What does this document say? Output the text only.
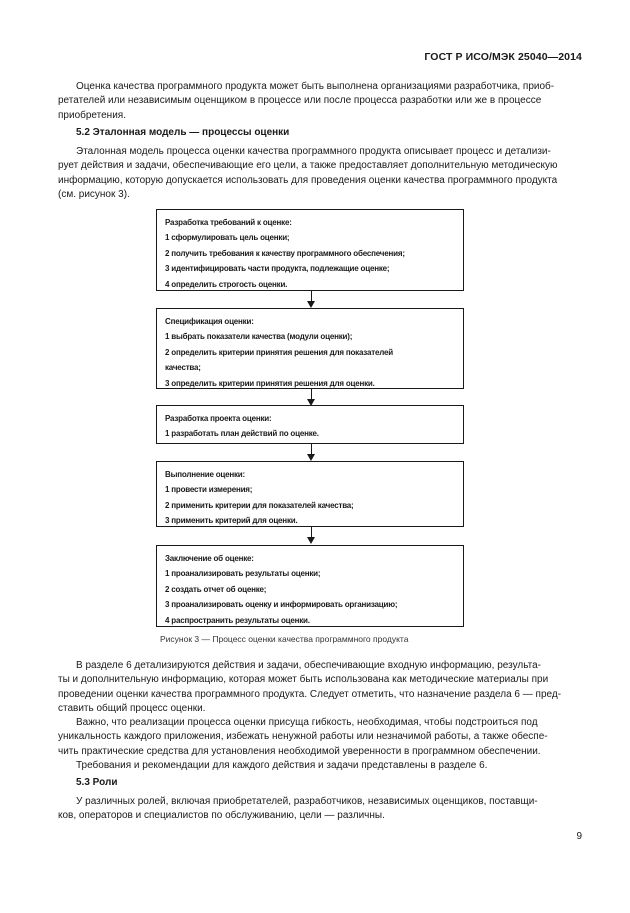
ГОСТ Р ИСО/МЭК 25040—2014

Оценка качества программного продукта может быть выполнена организациями разработчика, приоб-
ретателей или независимым оценщиком в процессе или после процесса разработки или же в процессе
приобретения.

5.2 Эталонная модель — процессы оценки

Эталонная модель процесса оценки качества программного продукта описывает процесс и детализи-
рует действия и задачи, обеспечивающие его цели, а также предоставляет дополнительную методическую
информацию, которую допускается использовать для проведения оценки качества программного продукта
(см. рисунок 3).

Разработка требований к оценке:
1 сформулировать цель оценки;
2 получить требования к качеству программного обеспечения;
3 идентифицировать части продукта, подлежащие оценке;
4 определить строгость оценки.
Спецификация оценки:
1 выбрать показатели качества (модули оценки);
2 определить критерии принятия решения для показателей
качества;
3 определить критерии принятия решения для оценки.
Разработка проекта оценки:
1 разработать план действий по оценке.
Выполнение оценки:
1 провести измерения;
2 применить критерии для показателей качества;
3 применить критерий для оценки.
Заключение об оценке:
1 проанализировать результаты оценки;
2 создать отчет об оценке;
3 проанализировать оценку и информировать организацию;
4 распространить результаты оценки.
Рисунок 3 — Процесс оценки качества программного продукта

В разделе 6 детализируются действия и задачи, обеспечивающие входную информацию, результа-
ты и дополнительную информацию, которая может быть использована как методические материалы при
проведении оценки качества программного продукта. Следует отметить, что назначение раздела 6 — пред-
ставить общий процесс оценки.

Важно, что реализации процесса оценки присуща гибкость, необходимая, чтобы подстроиться под
уникальность каждого приложения, избежать ненужной работы или незначимой работы, а также обеспе-
чить практические средства для установления необходимой уверенности в программном обеспечении.

Требования и рекомендации для каждого действия и задачи представлены в разделе 6.

5.3 Роли

У различных ролей, включая приобретателей, разработчиков, независимых оценщиков, поставщи-
ков, операторов и специалистов по обслуживанию, цели — различны.

9
